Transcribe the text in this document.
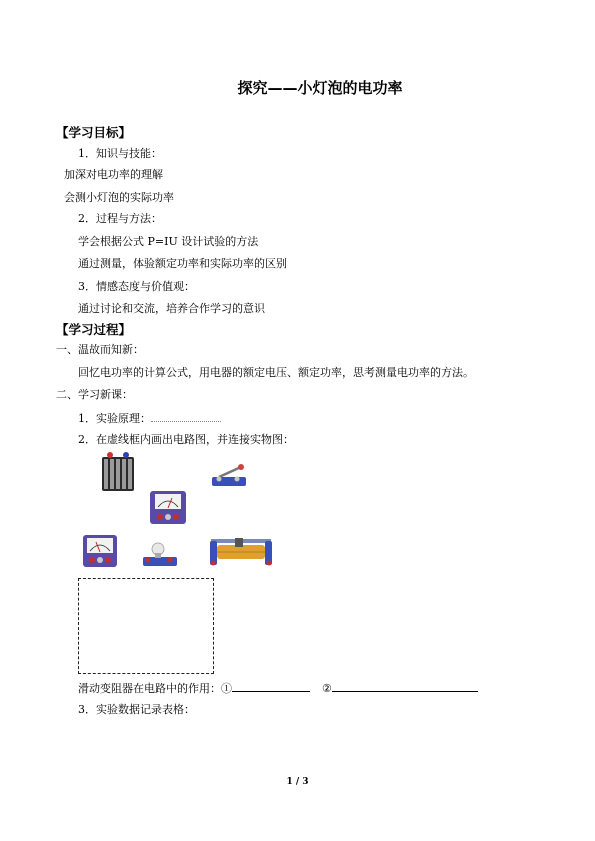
探究——小灯泡的电功率
【学习目标】
1．知识与技能：
加深对电功率的理解
会测小灯泡的实际功率
2．过程与方法：
学会根据公式 P=IU 设计试验的方法
通过测量，体验额定功率和实际功率的区别
3．情感态度与价值观：
通过讨论和交流，培养合作学习的意识
【学习过程】
一、温故而知新：
回忆电功率的计算公式，用电器的额定电压、额定功率，思考测量电功率的方法。
二、学习新课：
1．实验原理：
2．在虚线框内画出电路图，并连接实物图：
滑动变阻器在电路中的作用：①	②
3．实验数据记录表格：
1 / 3
